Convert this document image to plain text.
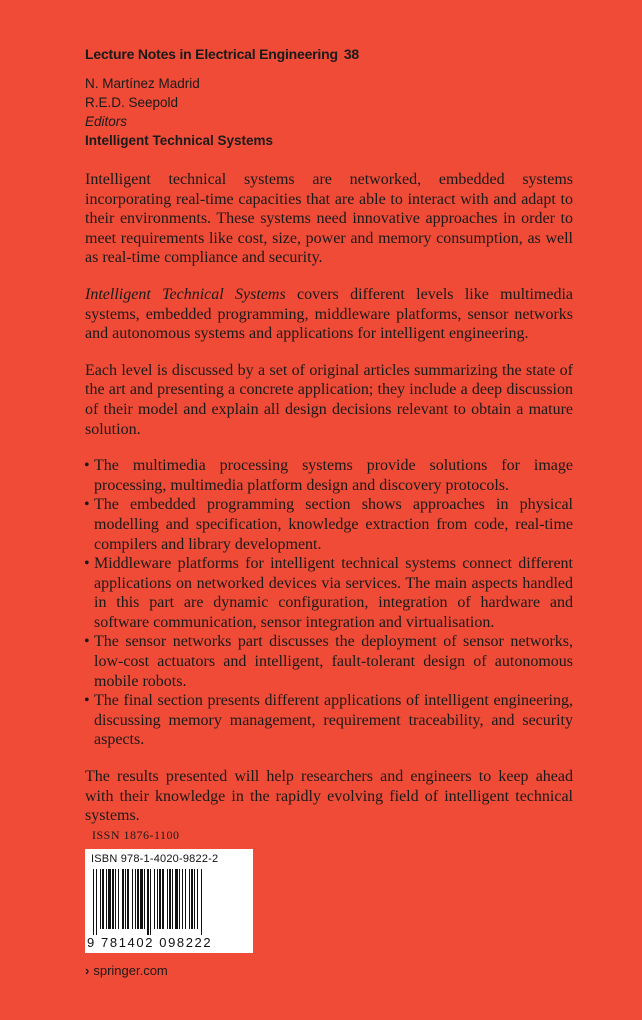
Lecture Notes in Electrical Engineering 38
N. Martínez Madrid
R.E.D. Seepold
Editors
Intelligent Technical Systems

Intelligent technical systems are networked, embedded systems incorporating real-time capacities that are able to interact with and adapt to their environments. These systems need innovative approaches in order to meet requirements like cost, size, power and memory consumption, as well as real-time compliance and security.

Intelligent Technical Systems covers different levels like multimedia systems, embedded programming, middleware platforms, sensor networks and autonomous systems and applications for intelligent engineering.

Each level is discussed by a set of original articles summarizing the state of the art and presenting a concrete application; they include a deep discussion of their model and explain all design decisions relevant to obtain a mature solution.

• The multimedia processing systems provide solutions for image processing, multimedia platform design and discovery protocols.
• The embedded programming section shows approaches in physical modelling and specification, knowledge extraction from code, real-time compilers and library development.
• Middleware platforms for intelligent technical systems connect different applications on networked devices via services. The main aspects handled in this part are dynamic configuration, integration of hardware and software communication, sensor integration and virtualisation.
• The sensor networks part discusses the deployment of sensor networks, low-cost actuators and intelligent, fault-tolerant design of autonomous mobile robots.
• The final section presents different applications of intelligent engineering, discussing memory management, requirement traceability, and security aspects.

The results presented will help researchers and engineers to keep ahead with their knowledge in the rapidly evolving field of intelligent technical systems.

ISSN 1876-1100
ISBN 978-1-4020-9822-2
9 781402 098222
› springer.com
